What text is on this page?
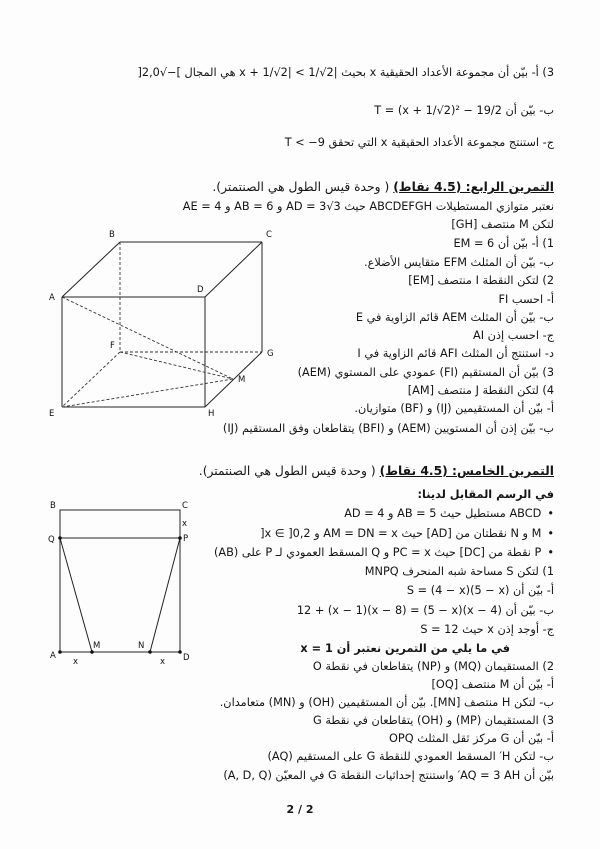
3) أ- بيّن أن مجموعة الأعداد الحقيقية x بحيث |x + 1/√2| < 1/√2 هي المجال ]−√2,0[
ب- بيّن أن T = (x + 1/√2)² − 19/2
ج- استنتج مجموعة الأعداد الحقيقية x التي تحقق T < −9
التمرين الرابع: (4.5 نقاط) ( وحدة قيس الطول هي الصنتمتر).
نعتبر متوازي المستطيلات ABCDEFGH حيث AD = 3√3 و AB = 6 و AE = 4
لتكن M منتصف [GH]
1) أ- بيّن أن EM = 6
ب- بيّن أن المثلث EFM متقايس الأضلاع.
2) لتكن النقطة I منتصف [EM]
أ- احسب FI
ب- بيّن أن المثلث AEM قائم الزاوية في E
ج- احسب إذن AI
د- استنتج أن المثلث AFI قائم الزاوية في I
3) بيّن أن المستقيم (FI) عمودي على المستوي (AEM)
4) لتكن النقطة J منتصف [AM]
أ- بيّن أن المستقيمين (IJ) و (BF) متوازيان.
ب- بيّن إذن أن المستويين (AEM) و (BFI) يتقاطعان وفق المستقيم (IJ)
A
B	C
D
E
F
G
H
M
التمرين الخامس: (4.5 نقاط) ( وحدة قيس الطول هي الصنتمتر).
في الرسم المقابل لدينا:
• ABCD مستطيل حيث AB = 5 و AD = 4
• M و N نقطتان من [AD] حيث AM = DN = x و x ∈ ]0,2[
• P نقطة من [DC] حيث PC = x و Q المسقط العمودي لـ P على (AB)
1) لتكن S مساحة شبه المنحرف MNPQ
أ- بيّن أن S = (4 − x)(5 − x)
ب- بيّن أن (4 − x)(5 − x) = 12 + (x − 1)(x − 8)
ج- أوجد إذن x حيث S = 12
في ما يلي من التمرين نعتبر أن x = 1
2) المستقيمان (MQ) و (NP) يتقاطعان في نقطة O
أ- بيّن أن M منتصف [OQ]
ب- لتكن H منتصف [MN]. بيّن أن المستقيمين (OH) و (MN) متعامدان.
3) المستقيمان (MP) و (OH) يتقاطعان في نقطة G
أ- بيّن أن G مركز ثقل المثلث OPQ
ب- لتكن H′ المسقط العمودي للنقطة G على المستقيم (AQ)
بيّن أن AQ = 3 AH′ واستنتج إحداثيات النقطة G في المعيّن (A, D, Q)
A
B	C
D
Q	P
M	N
x	x
x
2 / 2
